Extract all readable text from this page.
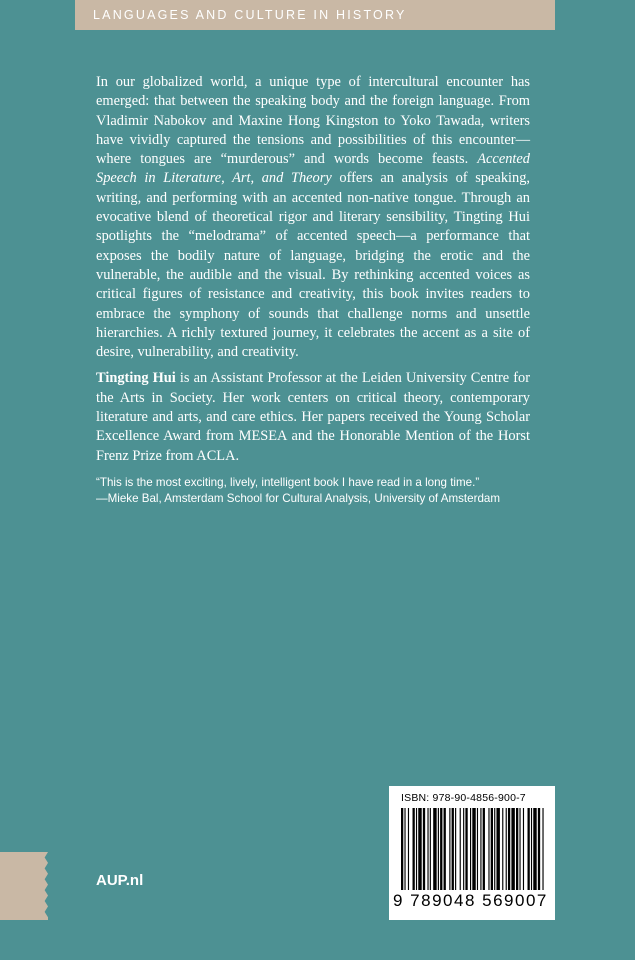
LANGUAGES AND CULTURE IN HISTORY

In our globalized world, a unique type of intercultural encounter has emerged: that between the speaking body and the foreign language. From Vladimir Nabokov and Maxine Hong Kingston to Yoko Tawada, writers have vividly captured the tensions and possibilities of this encounter—where tongues are “murderous” and words become feasts. Accented Speech in Literature, Art, and Theory offers an analysis of speaking, writing, and performing with an accented non-native tongue. Through an evocative blend of theoretical rigor and literary sensibility, Tingting Hui spotlights the “melodrama” of accented speech—a performance that exposes the bodily nature of language, bridging the erotic and the vulnerable, the audible and the visual. By rethinking accented voices as critical figures of resistance and creativity, this book invites readers to embrace the symphony of sounds that challenge norms and unsettle hierarchies. A richly textured journey, it celebrates the accent as a site of desire, vulnerability, and creativity.

Tingting Hui is an Assistant Professor at the Leiden University Centre for the Arts in Society. Her work centers on critical theory, contemporary literature and arts, and care ethics. Her papers received the Young Scholar Excellence Award from MESEA and the Honorable Mention of the Horst Frenz Prize from ACLA.

“This is the most exciting, lively, intelligent book I have read in a long time.”
—Mieke Bal, Amsterdam School for Cultural Analysis, University of Amsterdam
AUP.nl
ISBN: 978-90-4856-900-7
9 789048 569007
